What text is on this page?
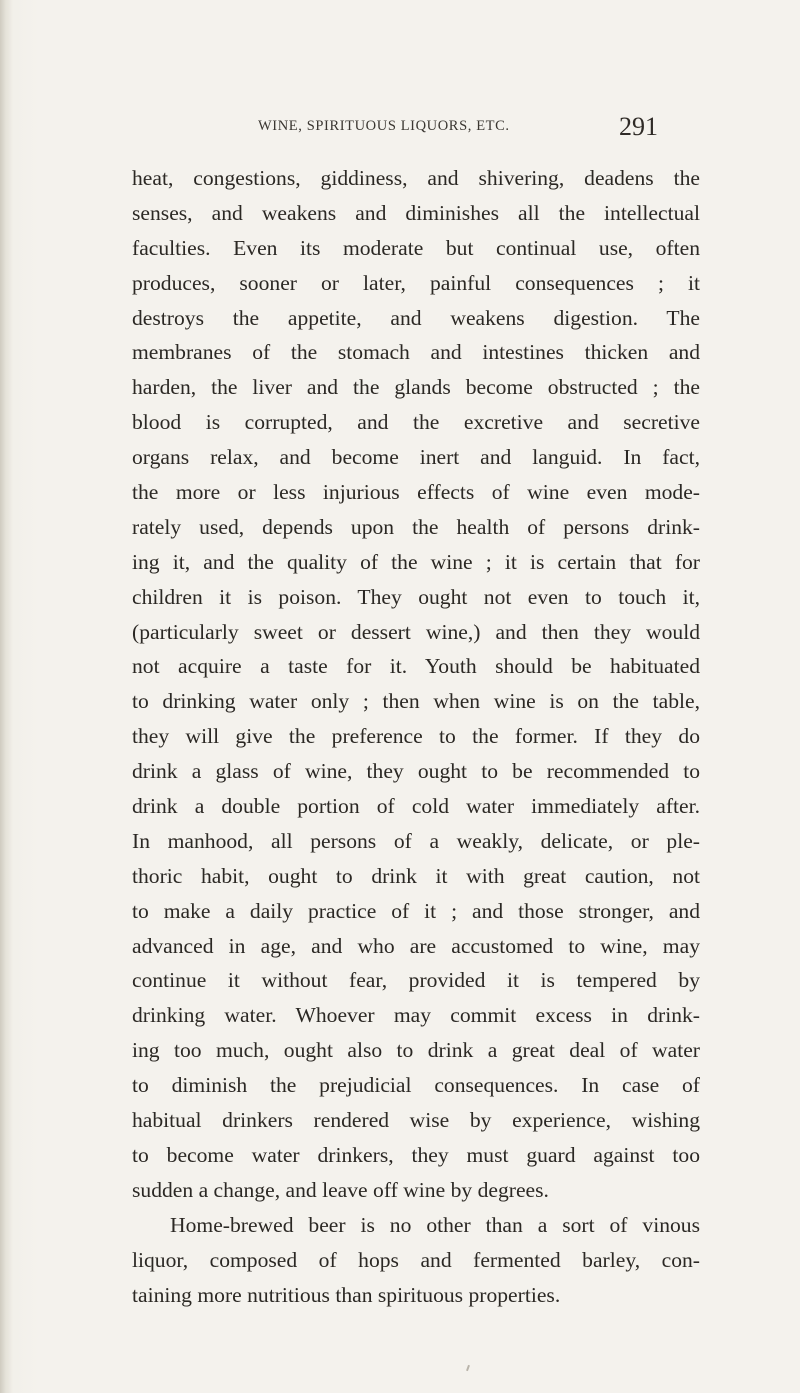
WINE, SPIRITUOUS LIQUORS, ETC.	291
heat, congestions, giddiness, and shivering, deadens the
senses, and weakens and diminishes all the intellectual
faculties. Even its moderate but continual use, often
produces, sooner or later, painful consequences ; it
destroys the appetite, and weakens digestion. The
membranes of the stomach and intestines thicken and
harden, the liver and the glands become obstructed ; the
blood is corrupted, and the excretive and secretive
organs relax, and become inert and languid. In fact,
the more or less injurious effects of wine even mode-
rately used, depends upon the health of persons drink-
ing it, and the quality of the wine ; it is certain that for
children it is poison. They ought not even to touch it,
(particularly sweet or dessert wine,) and then they would
not acquire a taste for it. Youth should be habituated
to drinking water only ; then when wine is on the table,
they will give the preference to the former. If they do
drink a glass of wine, they ought to be recommended to
drink a double portion of cold water immediately after.
In manhood, all persons of a weakly, delicate, or ple-
thoric habit, ought to drink it with great caution, not
to make a daily practice of it ; and those stronger, and
advanced in age, and who are accustomed to wine, may
continue it without fear, provided it is tempered by
drinking water. Whoever may commit excess in drink-
ing too much, ought also to drink a great deal of water
to diminish the prejudicial consequences. In case of
habitual drinkers rendered wise by experience, wishing
to become water drinkers, they must guard against too
sudden a change, and leave off wine by degrees.
Home-brewed beer is no other than a sort of vinous
liquor, composed of hops and fermented barley, con-
taining more nutritious than spirituous properties.
